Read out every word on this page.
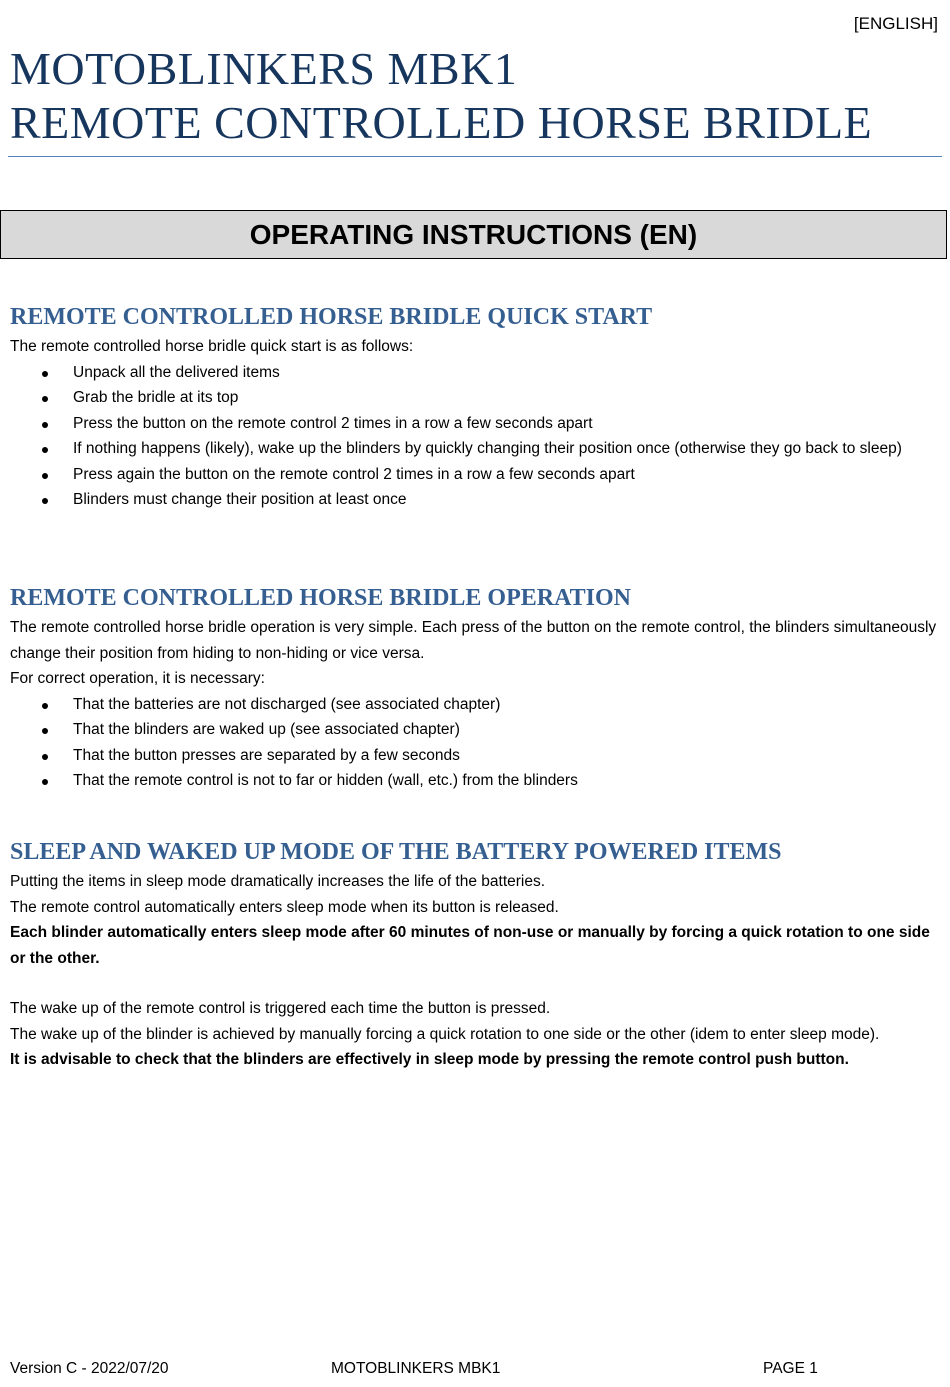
[ENGLISH]
MOTOBLINKERS MBK1
REMOTE CONTROLLED HORSE BRIDLE
OPERATING INSTRUCTIONS (EN)
REMOTE CONTROLLED HORSE BRIDLE QUICK START

The remote controlled horse bridle quick start is as follows:

Unpack all the delivered items
Grab the bridle at its top
Press the button on the remote control 2 times in a row a few seconds apart
If nothing happens (likely), wake up the blinders by quickly changing their position once (otherwise they go back to sleep)
Press again the button on the remote control 2 times in a row a few seconds apart
Blinders must change their position at least once
REMOTE CONTROLLED HORSE BRIDLE OPERATION

The remote controlled horse bridle operation is very simple. Each press of the button on the remote control, the blinders simultaneously change their position from hiding to non-hiding or vice versa.

For correct operation, it is necessary:

That the batteries are not discharged (see associated chapter)
That the blinders are waked up (see associated chapter)
That the button presses are separated by a few seconds
That the remote control is not to far or hidden (wall, etc.) from the blinders
SLEEP AND WAKED UP MODE OF THE BATTERY POWERED ITEMS

Putting the items in sleep mode dramatically increases the life of the batteries.

The remote control automatically enters sleep mode when its button is released.

Each blinder automatically enters sleep mode after 60 minutes of non-use or manually by forcing a quick rotation to one side or the other.

The wake up of the remote control is triggered each time the button is pressed.

The wake up of the blinder is achieved by manually forcing a quick rotation to one side or the other (idem to enter sleep mode).

It is advisable to check that the blinders are effectively in sleep mode by pressing the remote control push button.

Version C - 2022/07/20	MOTOBLINKERS MBK1	PAGE 1
